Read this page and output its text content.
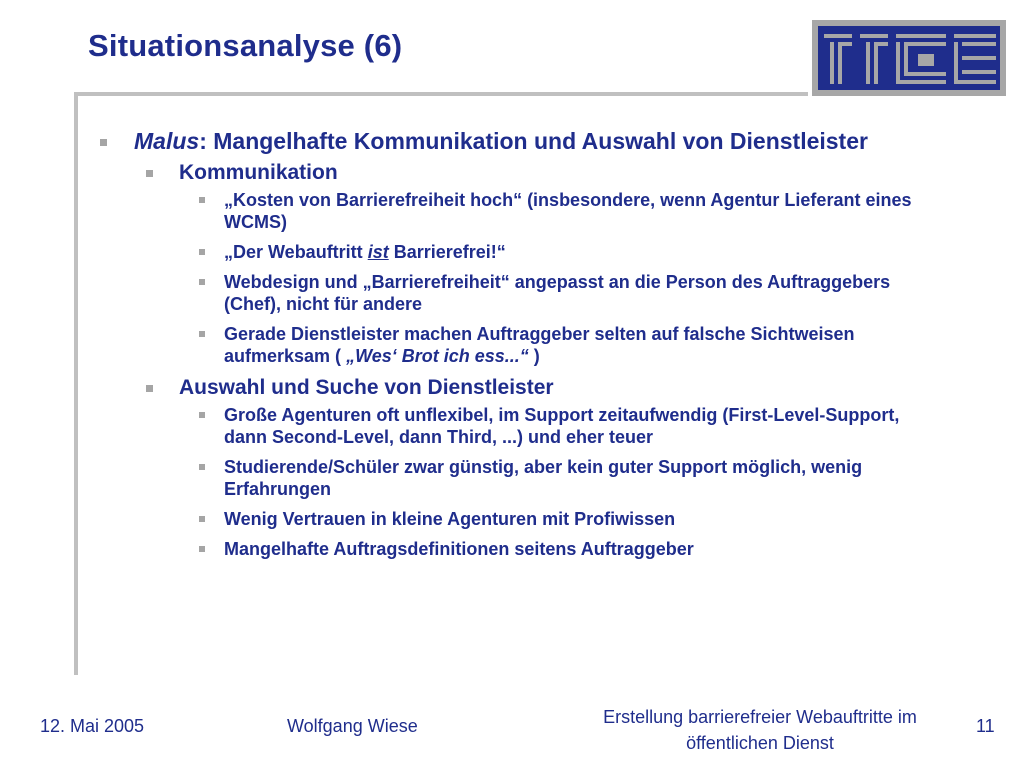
Situationsanalyse (6)
Malus: Mangelhafte Kommunikation und Auswahl von Dienstleister
Kommunikation
„Kosten von Barrierefreiheit hoch“ (insbesondere, wenn Agentur Lieferant eines WCMS)
„Der Webauftritt ist Barrierefrei!“
Webdesign und „Barrierefreiheit“ angepasst an die Person des Auftraggebers (Chef), nicht für andere
Gerade Dienstleister machen Auftraggeber selten auf falsche Sichtweisen aufmerksam ( „Wes‘ Brot ich ess...“ )
Auswahl und Suche von Dienstleister
Große Agenturen oft unflexibel, im Support zeitaufwendig (First-Level-Support, dann Second-Level, dann Third, ...) und eher teuer
Studierende/Schüler zwar günstig, aber kein guter Support möglich, wenig Erfahrungen
Wenig Vertrauen in kleine Agenturen mit Profiwissen
Mangelhafte Auftragsdefinitionen seitens Auftraggeber
12. Mai 2005	Wolfgang Wiese	Erstellung barrierefreier Webauftritte im
öffentlichen Dienst
11
